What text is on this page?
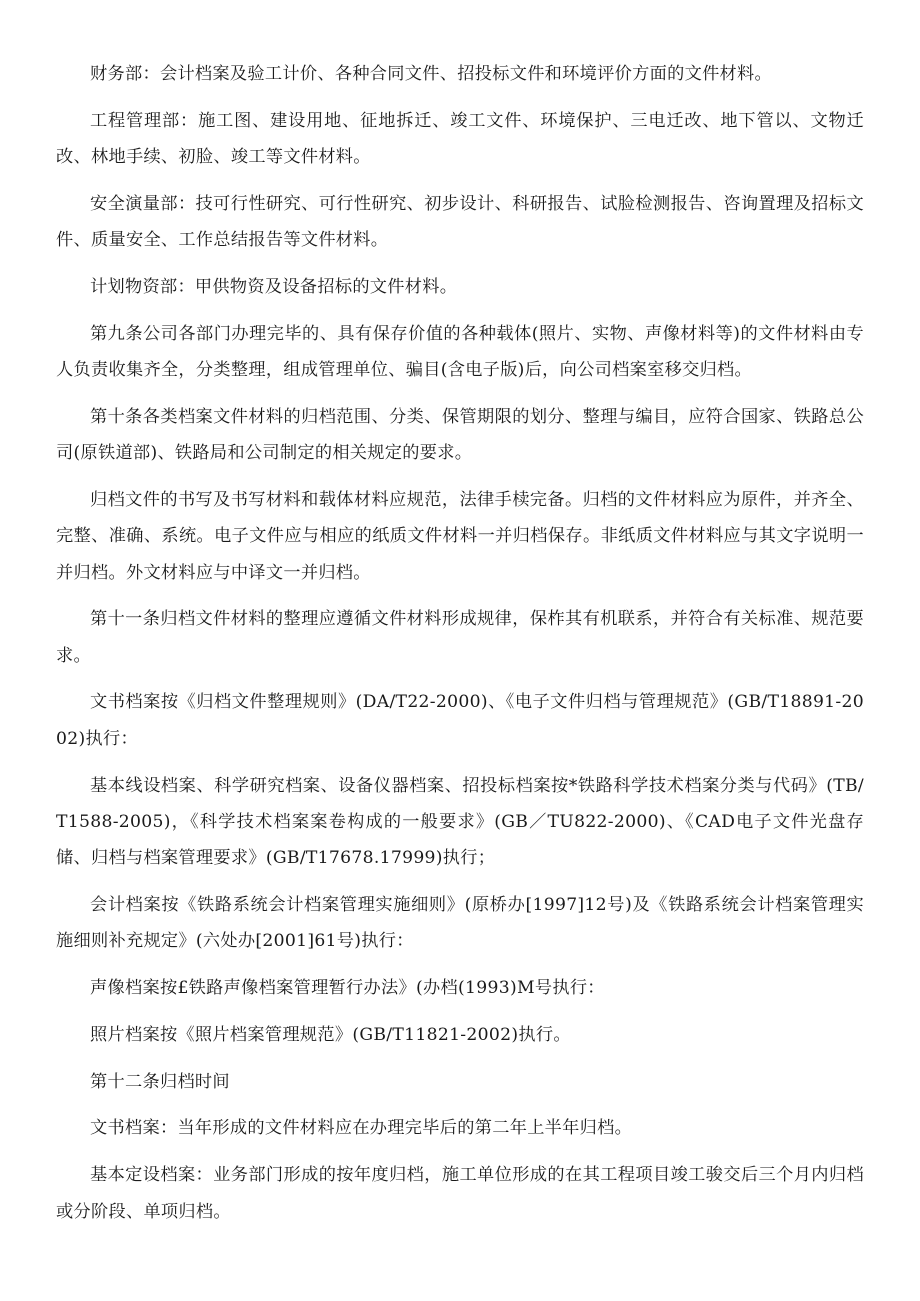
财务部：会计档案及验工计价、各种合同文件、招投标文件和环境评价方面的文件材料。

工程管理部：施工图、建设用地、征地拆迁、竣工文件、环境保护、三电迁改、地下管以、文物迁改、林地手续、初脸、竣工等文件材料。

安全演量部：技可行性研究、可行性研究、初步设计、科研报告、试脸检测报告、咨询置理及招标文件、质量安全、工作总结报告等文件材料。

计划物资部：甲供物资及设备招标的文件材料。

第九条公司各部门办理完毕的、具有保存价值的各种载体(照片、实物、声像材料等)的文件材料由专人负责收集齐全，分类整理，组成管理单位、骗目(含电子版)后，向公司档案室移交归档。

第十条各类档案文件材料的归档范围、分类、保管期限的划分、整理与编目，应符合国家、铁路总公司(原铁道部)、铁路局和公司制定的相关规定的要求。

归档文件的书写及书写材料和载体材料应规范，法律手椟完备。归档的文件材料应为原件，并齐全、完整、准确、系统。电子文件应与相应的纸质文件材料一并归档保存。非纸质文件材料应与其文字说明一并归档。外文材料应与中译文一并归档。

第十一条归档文件材料的整理应遵循文件材料形成规律，保柞其有机联系，并符合有关标准、规范要求。

文书档案按《归档文件整理规则》(DA/T22-2000)、《电子文件归档与管理规范》(GB/T18891-2002)执行：

基本线设档案、科学研究档案、设备仪器档案、招投标档案按*铁路科学技术档案分类与代码》(TB/T1588-2005)，《科学技术档案案卷构成的一般要求》(GB／TU822-2000)、《CAD电子文件光盘存储、归档与档案管理要求》(GB/T17678.17999)执行；

会计档案按《铁路系统会计档案管理实施细则》(原桥办[1997]12号)及《铁路系统会计档案管理实施细则补充规定》(六处办[2001]61号)执行：

声像档案按£铁路声像档案管理暂行办法》(办档(1993)M号执行：

照片档案按《照片档案管理规范》(GB/T11821-2002)执行。

第十二条归档时间

文书档案：当年形成的文件材料应在办理完毕后的第二年上半年归档。

基本定设档案：业务部门形成的按年度归档，施工单位形成的在其工程项目竣工骏交后三个月内归档或分阶段、单项归档。
